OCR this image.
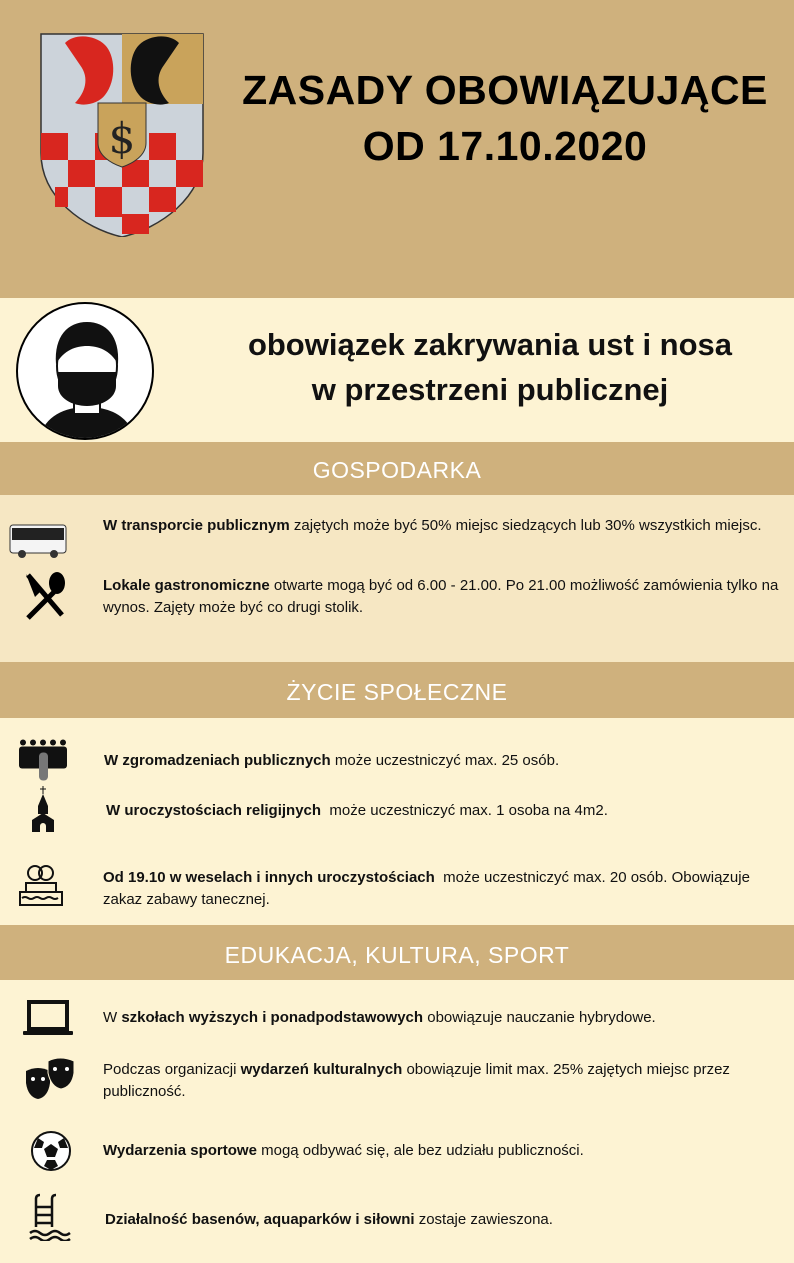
$
ZASADY OBOWIĄZUJĄCE
OD 17.10.2020
obowiązek zakrywania ust i nosa
w przestrzeni publicznej
GOSPODARKA
W transporcie publicznym zajętych może być 50% miejsc siedzących lub 30% wszystkich miejsc.
Lokale gastronomiczne otwarte mogą być od 6.00 - 21.00. Po 21.00 możliwość zamówienia tylko na wynos. Zajęty może być co drugi stolik.
ŻYCIE SPOŁECZNE
W zgromadzeniach publicznych może uczestniczyć max. 25 osób.
W uroczystościach religijnych  może uczestniczyć max. 1 osoba na 4m2.
Od 19.10 w weselach i innych uroczystościach  może uczestniczyć max. 20 osób. Obowiązuje zakaz zabawy tanecznej.
EDUKACJA, KULTURA, SPORT
W szkołach wyższych i ponadpodstawowych obowiązuje nauczanie hybrydowe.
Podczas organizacji wydarzeń kulturalnych obowiązuje limit max. 25% zajętych miejsc przez publiczność.
Wydarzenia sportowe mogą odbywać się, ale bez udziału publiczności.
Działalność basenów, aquaparków i siłowni zostaje zawieszona.
